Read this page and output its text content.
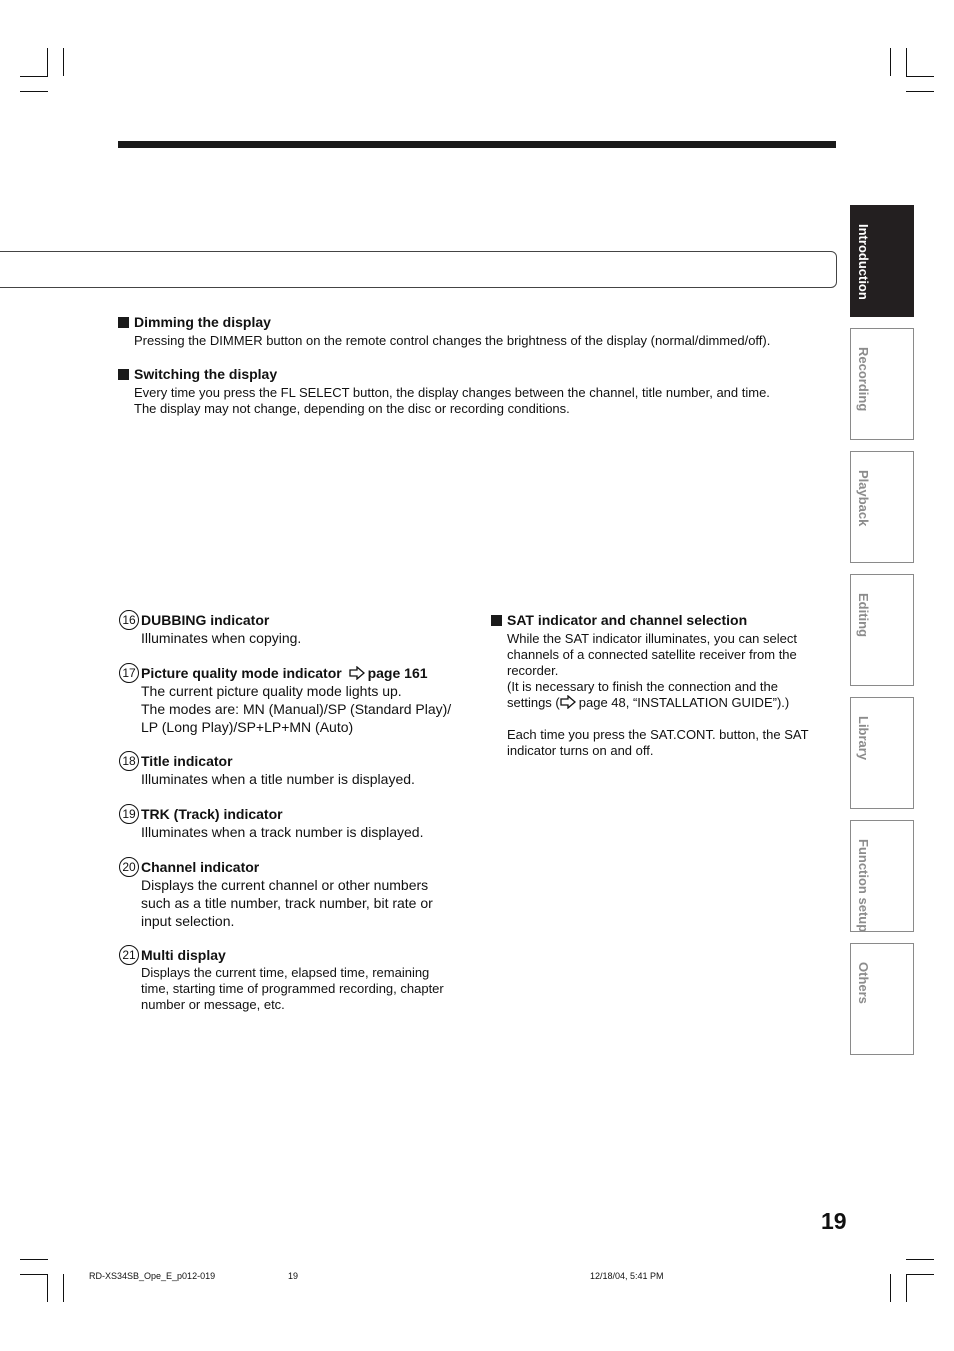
Introduction
Recording
Playback
Editing
Library
Function setup
Others
Dimming the display
Pressing the DIMMER button on the remote control changes the brightness of the display (normal/dimmed/off).
Switching the display
Every time you press the FL SELECT button, the display changes between the channel, title number, and time.
The display may not change, depending on the disc or recording conditions.
16 DUBBING indicator
Illuminates when copying.
17 Picture quality mode indicator page 161
The current picture quality mode lights up.
The modes are: MN (Manual)/SP (Standard Play)/
LP (Long Play)/SP+LP+MN (Auto)
18 Title indicator
Illuminates when a title number is displayed.
19 TRK (Track) indicator
Illuminates when a track number is displayed.
20 Channel indicator
Displays the current channel or other numbers
such as a title number, track number, bit rate or
input selection.
21 Multi display
Displays the current time, elapsed time, remaining
time, starting time of programmed recording, chapter
number or message, etc.
SAT indicator and channel selection
While the SAT indicator illuminates, you can select
channels of a connected satellite receiver from the
recorder.
(It is necessary to finish the connection and the
settings ( page 48, “INSTALLATION GUIDE”).)
Each time you press the SAT.CONT. button, the SAT
indicator turns on and off.
19
RD-XS34SB_Ope_E_p012-019	19	12/18/04, 5:41 PM
